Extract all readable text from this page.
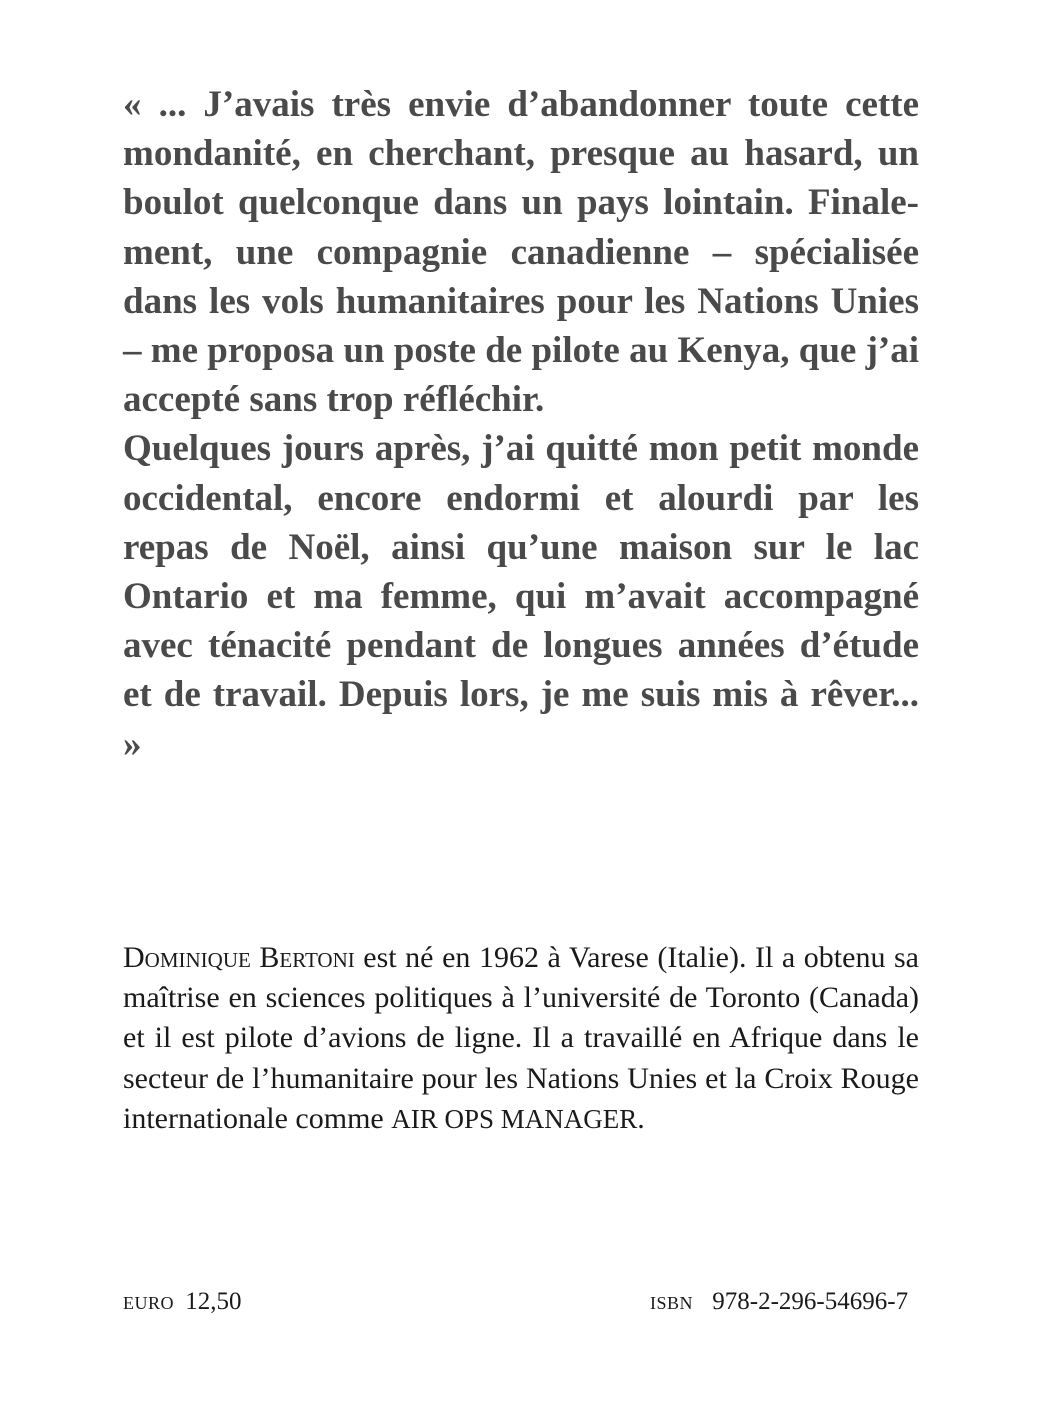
« ... J’avais très envie d’abandonner toute cette mondanité, en cherchant, presque au hasard, un boulot quelconque dans un pays lointain. Finalement, une compagnie canadienne – spécialisée dans les vols humanitaires pour les Nations Unies – me proposa un poste de pilote au Kenya, que j’ai accepté sans trop réfléchir.

Quelques jours après, j’ai quitté mon petit monde occidental, encore endormi et alourdi par les repas de Noël, ainsi qu’une maison sur le lac Ontario et ma femme, qui m’avait accompagné avec ténacité pendant de longues années d’étude et de travail. Depuis lors, je me suis mis à rêver... »

Dominique Bertoni est né en 1962 à Varese (Italie). Il a obtenu sa maîtrise en sciences politiques à l’université de Toronto (Canada) et il est pilote d’avions de ligne. Il a travaillé en Afrique dans le secteur de l’humanitaire pour les Nations Unies et la Croix Rouge internationale comme AIR OPS MANAGER.
EURO 12,50	ISBN 978-2-296-54696-7
